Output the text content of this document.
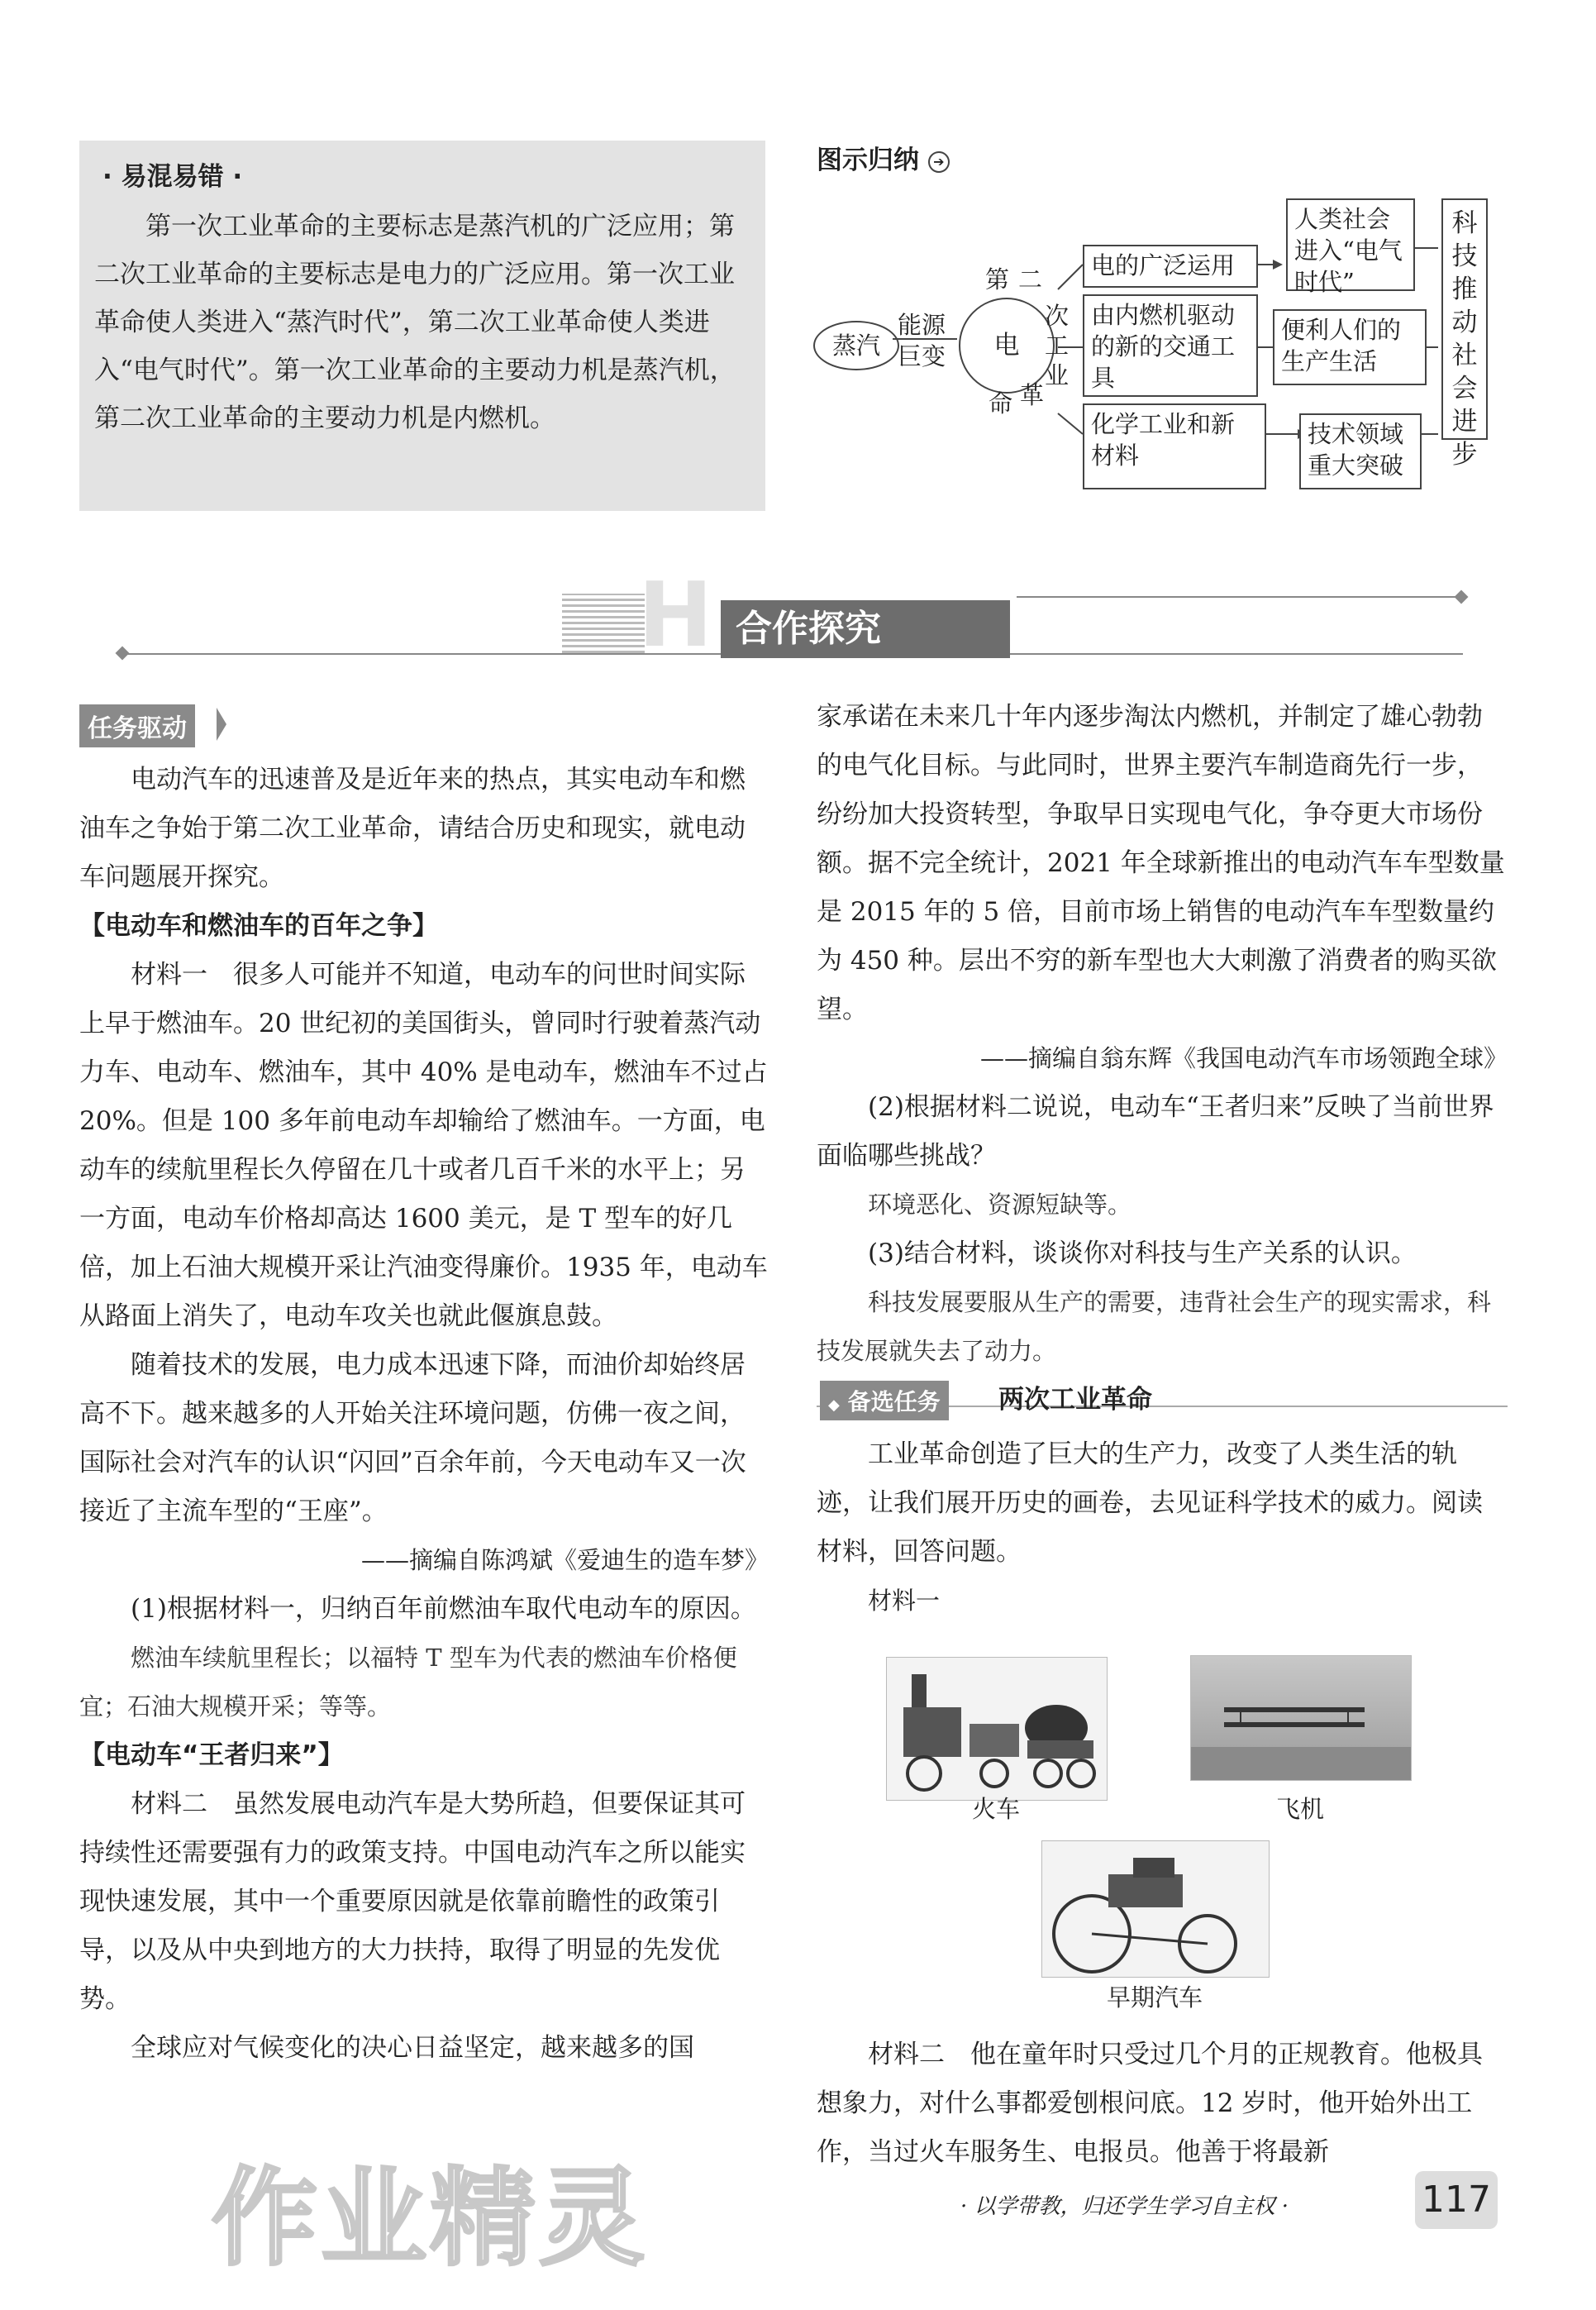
· 易混易错 ·

第一次工业革命的主要标志是蒸汽机的广泛应用；第二次工业革命的主要标志是电力的广泛应用。第一次工业革命使人类进入“蒸汽时代”，第二次工业革命使人类进入“电气时代”。第一次工业革命的主要动力机是蒸汽机，第二次工业革命的主要动力机是内燃机。

图示归纳 ➔
蒸汽
能源
巨变	电
第 二
次
工
业
命 革
电的广泛运用
由内燃机驱动的新的交通工具
化学工业和新材料
人类社会进入“电气时代”
便利人们的生产生活
技术领域重大突破
科技推动社会进步
H 合作探究
任务驱动

电动汽车的迅速普及是近年来的热点，其实电动车和燃油车之争始于第二次工业革命，请结合历史和现实，就电动车问题展开探究。

【电动车和燃油车的百年之争】

材料一　很多人可能并不知道，电动车的问世时间实际上早于燃油车。20 世纪初的美国街头，曾同时行驶着蒸汽动力车、电动车、燃油车，其中 40% 是电动车，燃油车不过占 20%。但是 100 多年前电动车却输给了燃油车。一方面，电动车的续航里程长久停留在几十或者几百千米的水平上；另一方面，电动车价格却高达 1600 美元，是 T 型车的好几倍，加上石油大规模开采让汽油变得廉价。1935 年，电动车从路面上消失了，电动车攻关也就此偃旗息鼓。

随着技术的发展，电力成本迅速下降，而油价却始终居高不下。越来越多的人开始关注环境问题，仿佛一夜之间，国际社会对汽车的认识“闪回”百余年前，今天电动车又一次接近了主流车型的“王座”。

——摘编自陈鸿斌《爱迪生的造车梦》

(1)根据材料一，归纳百年前燃油车取代电动车的原因。

燃油车续航里程长；以福特 T 型车为代表的燃油车价格便宜；石油大规模开采；等等。

【电动车“王者归来”】

材料二　虽然发展电动汽车是大势所趋，但要保证其可持续性还需要强有力的政策支持。中国电动汽车之所以能实现快速发展，其中一个重要原因就是依靠前瞻性的政策引导，以及从中央到地方的大力扶持，取得了明显的先发优势。

全球应对气候变化的决心日益坚定，越来越多的国

家承诺在未来几十年内逐步淘汰内燃机，并制定了雄心勃勃的电气化目标。与此同时，世界主要汽车制造商先行一步，纷纷加大投资转型，争取早日实现电气化，争夺更大市场份额。据不完全统计，2021 年全球新推出的电动汽车车型数量是 2015 年的 5 倍，目前市场上销售的电动汽车车型数量约为 450 种。层出不穷的新车型也大大刺激了消费者的购买欲望。

——摘编自翁东辉《我国电动汽车市场领跑全球》

(2)根据材料二说说，电动车“王者归来”反映了当前世界面临哪些挑战？

环境恶化、资源短缺等。

(3)结合材料，谈谈你对科技与生产关系的认识。

科技发展要服从生产的需要，违背社会生产的现实需求，科技发展就失去了动力。

◆ 备选任务	两次工业革命

工业革命创造了巨大的生产力，改变了人类生活的轨迹，让我们展开历史的画卷，去见证科学技术的威力。阅读材料，回答问题。

材料一

火车	飞机
早期汽车

材料二　他在童年时只受过几个月的正规教育。他极具想象力，对什么事都爱刨根问底。12 岁时，他开始外出工作，当过火车服务生、电报员。他善于将最新

· 以学带教，归还学生学习自主权 ·	117
作业精灵
